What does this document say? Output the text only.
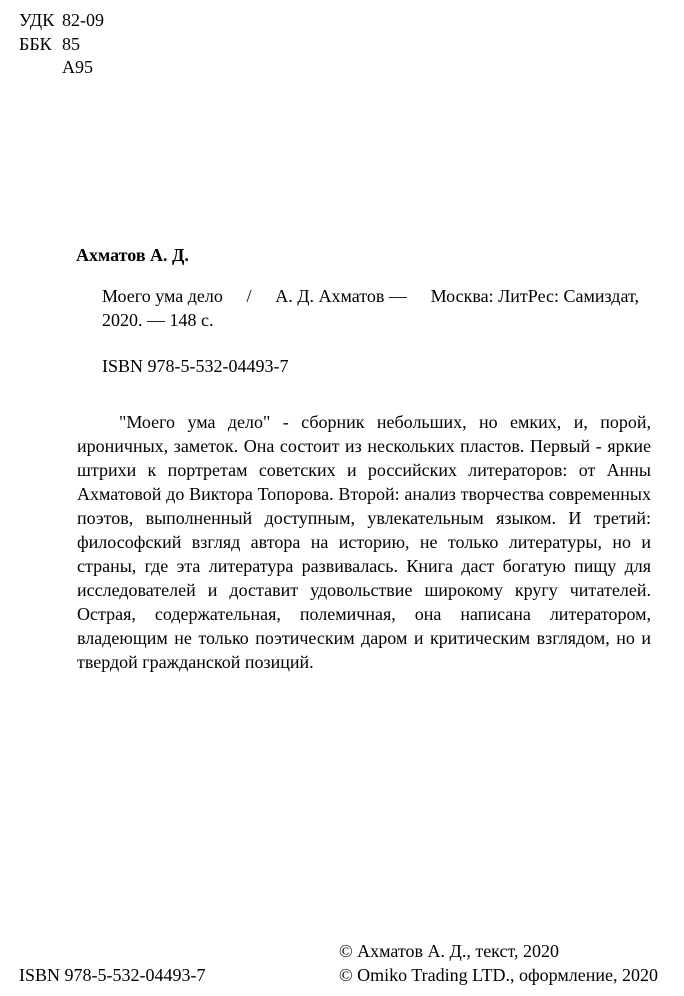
УДК 82-09
ББК 85
А95
Ахматов А. Д.
Моего ума дело / А. Д. Ахматов — Москва: ЛитРес: Самиздат,
2020. — 148 с.
ISBN 978-5-532-04493-7
"Моего ума дело" - сборник небольших, но емких, и, порой, ироничных, заметок. Она состоит из нескольких пластов. Первый - яркие штрихи к портретам советских и российских литераторов: от Анны Ахматовой до Виктора Топорова. Второй: анализ творчества современных поэтов, выполненный доступным, увлекательным языком. И третий: философский взгляд автора на историю, не только литературы, но и страны, где эта литература развивалась. Книга даст богатую пищу для исследователей и доставит удовольствие широкому кругу читателей. Острая, содержательная, полемичная, она написана литератором, владеющим не только поэтическим даром и критическим взглядом, но и твердой гражданской позиций.
© Ахматов А. Д., текст, 2020
© Omiko Trading LTD., оформление, 2020
ISBN 978-5-532-04493-7
